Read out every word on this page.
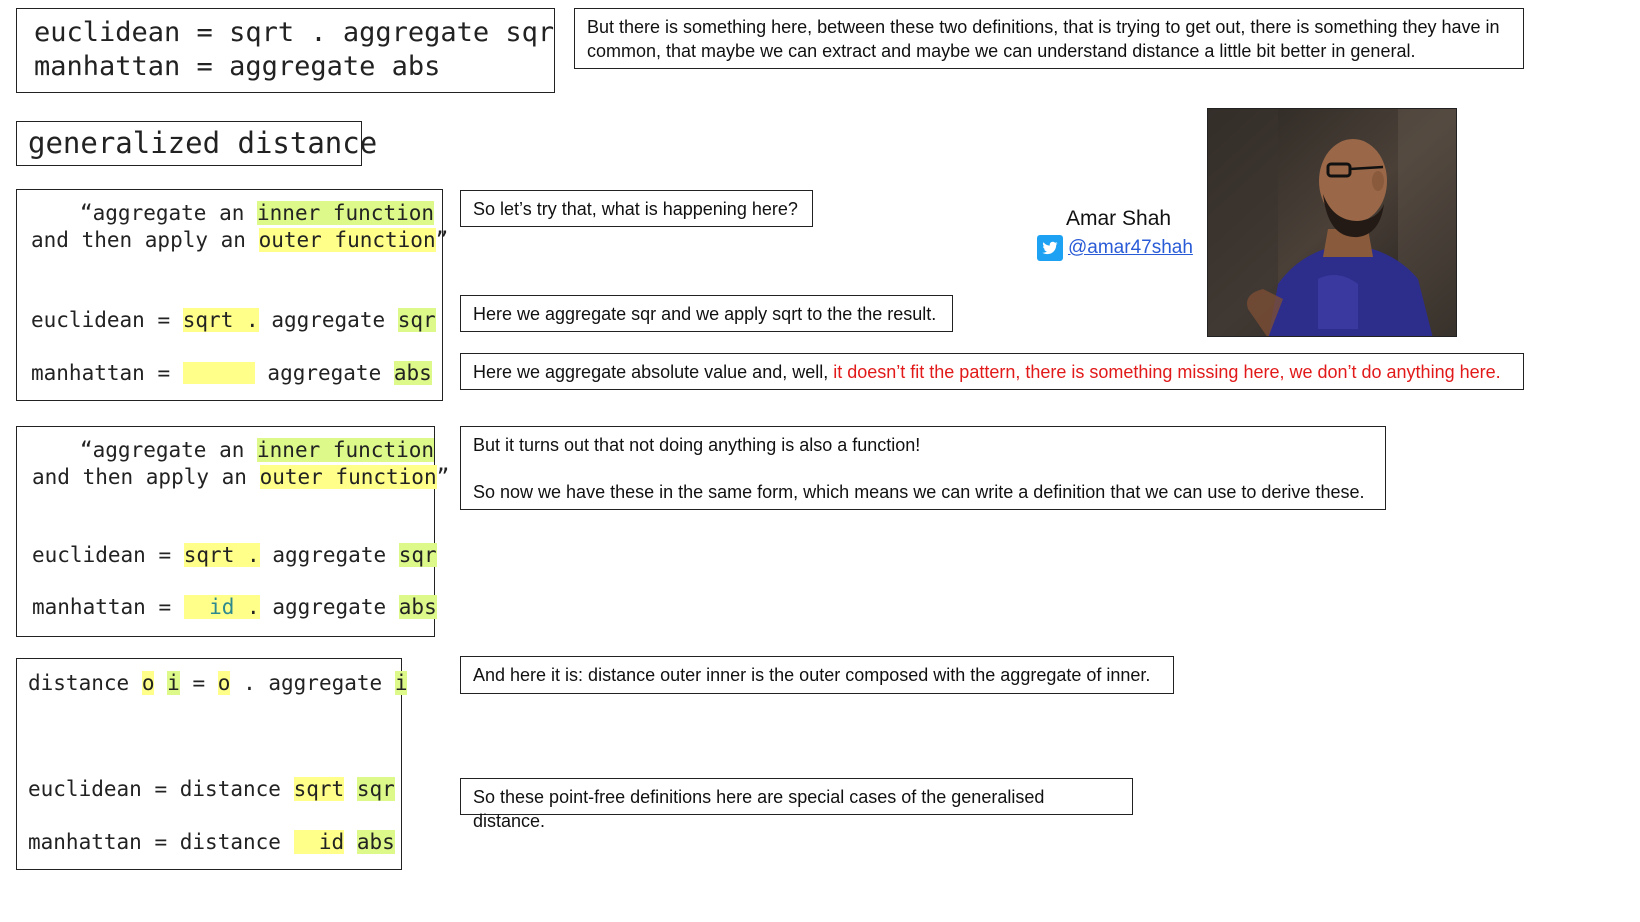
euclidean = sqrt . aggregate sqr
manhattan = aggregate abs
generalized distance
“aggregate an inner function
and then apply an outer function”
euclidean = sqrt . aggregate sqr
manhattan =	aggregate abs
“aggregate an inner function
and then apply an outer function”
euclidean = sqrt . aggregate sqr
manhattan = id . aggregate abs
distance o i = o . aggregate i
euclidean = distance sqrt sqr
manhattan = distance id abs
But there is something here, between these two definitions, that is trying to get out, there is something they have in common, that maybe we can extract and maybe we can understand distance a little bit better in general.
So let’s try that, what is happening here?
Here we aggregate sqr and we apply sqrt to the the result.
Here we aggregate absolute value and, well, it doesn’t fit the pattern, there is something missing here, we don’t do anything here.
But it turns out that not doing anything is also a function!
So now we have these in the same form, which means we can write a definition that we can use to derive these.
And here it is: distance outer inner is the outer composed with the aggregate of inner.
So these point-free definitions here are special cases of the generalised distance.
Amar Shah
@amar47shah
